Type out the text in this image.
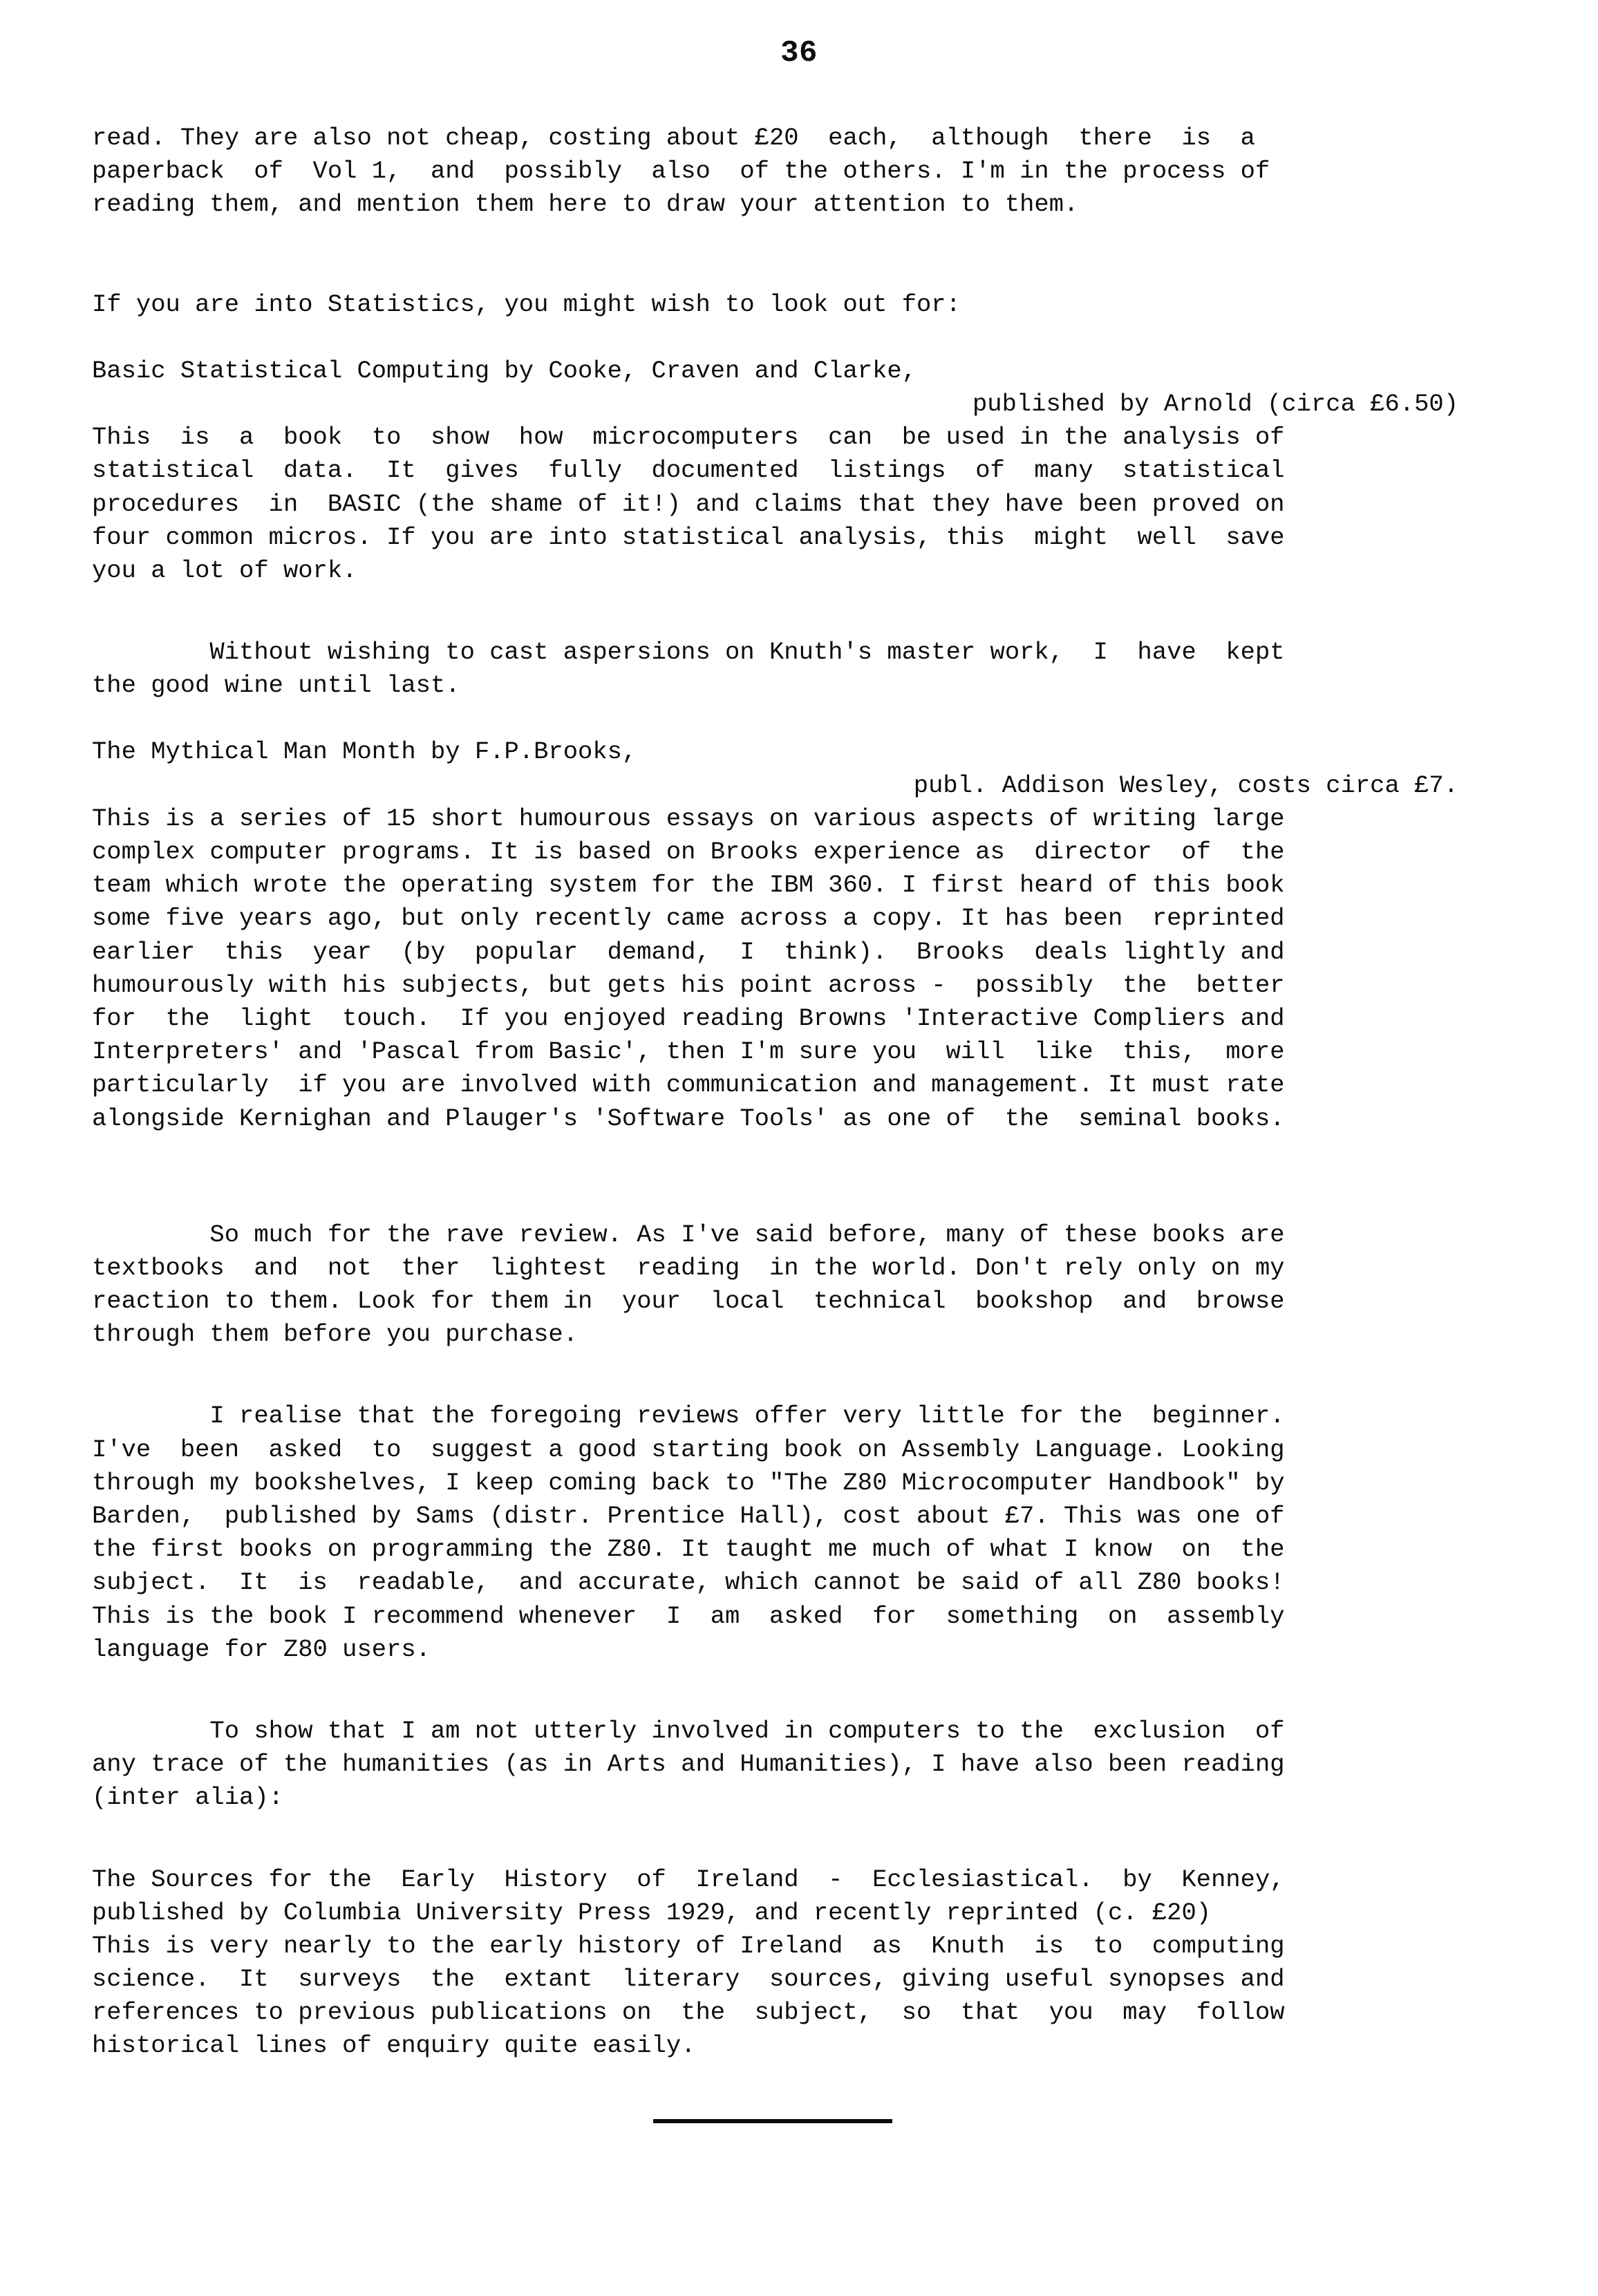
36
read. They are also not cheap, costing about £20  each,  although  there  is  a
paperback  of  Vol 1,  and  possibly  also  of the others. I'm in the process of
reading them, and mention them here to draw your attention to them.
If you are into Statistics, you might wish to look out for:
Basic Statistical Computing by Cooke, Craven and Clarke,
published by Arnold (circa £6.50)
This  is  a  book  to  show  how  microcomputers  can  be used in the analysis of
statistical  data.  It  gives  fully  documented  listings  of  many  statistical
procedures  in  BASIC (the shame of it!) and claims that they have been proved on
four common micros. If you are into statistical analysis, this  might  well  save
you a lot of work.
Without wishing to cast aspersions on Knuth's master work,  I  have  kept
the good wine until last.
The Mythical Man Month by F.P.Brooks,
publ. Addison Wesley, costs circa £7.
This is a series of 15 short humourous essays on various aspects of writing large
complex computer programs. It is based on Brooks experience as  director  of  the
team which wrote the operating system for the IBM 360. I first heard of this book
some five years ago, but only recently came across a copy. It has been  reprinted
earlier  this  year  (by  popular  demand,  I  think).  Brooks  deals lightly and
humourously with his subjects, but gets his point across -  possibly  the  better
for  the  light  touch.  If you enjoyed reading Browns 'Interactive Compliers and
Interpreters' and 'Pascal from Basic', then I'm sure you  will  like  this,  more
particularly  if you are involved with communication and management. It must rate
alongside Kernighan and Plauger's 'Software Tools' as one of  the  seminal books.
So much for the rave review. As I've said before, many of these books are
textbooks  and  not  ther  lightest  reading  in the world. Don't rely only on my
reaction to them. Look for them in  your  local  technical  bookshop  and  browse
through them before you purchase.
I realise that the foregoing reviews offer very little for the  beginner.
I've  been  asked  to  suggest a good starting book on Assembly Language. Looking
through my bookshelves, I keep coming back to "The Z80 Microcomputer Handbook" by
Barden,  published by Sams (distr. Prentice Hall), cost about £7. This was one of
the first books on programming the Z80. It taught me much of what I know  on  the
subject.  It  is  readable,  and accurate, which cannot be said of all Z80 books!
This is the book I recommend whenever  I  am  asked  for  something  on  assembly
language for Z80 users.
To show that I am not utterly involved in computers to the  exclusion  of
any trace of the humanities (as in Arts and Humanities), I have also been reading
(inter alia):
The Sources for the  Early  History  of  Ireland  -  Ecclesiastical.  by  Kenney,
published by Columbia University Press 1929, and recently reprinted (c. £20)
This is very nearly to the early history of Ireland  as  Knuth  is  to  computing
science.  It  surveys  the  extant  literary  sources, giving useful synopses and
references to previous publications on  the  subject,  so  that  you  may  follow
historical lines of enquiry quite easily.
